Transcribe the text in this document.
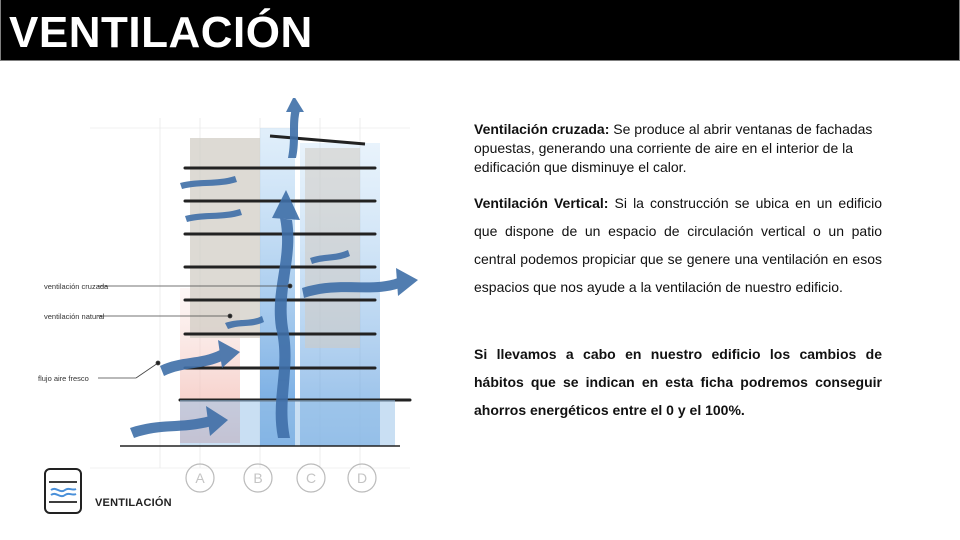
VENTILACIÓN
A	B	C	D
ventilación cruzada
ventilación natural
flujo aire fresco
VENTILACIÓN
Ventilación cruzada: Se produce al abrir ventanas de fachadas opuestas, generando una corriente de aire en el interior de la edificación que disminuye el calor.
Ventilación Vertical: Si la construcción se ubica en un edificio que dispone de un espacio de circulación vertical o un patio central podemos propiciar que se genere una ventilación en esos espacios que nos ayude a la ventilación de nuestro edificio.
Si llevamos a cabo en nuestro edificio los cambios de hábitos que se indican en esta ficha podremos conseguir ahorros energéticos entre el 0 y el 100%.
